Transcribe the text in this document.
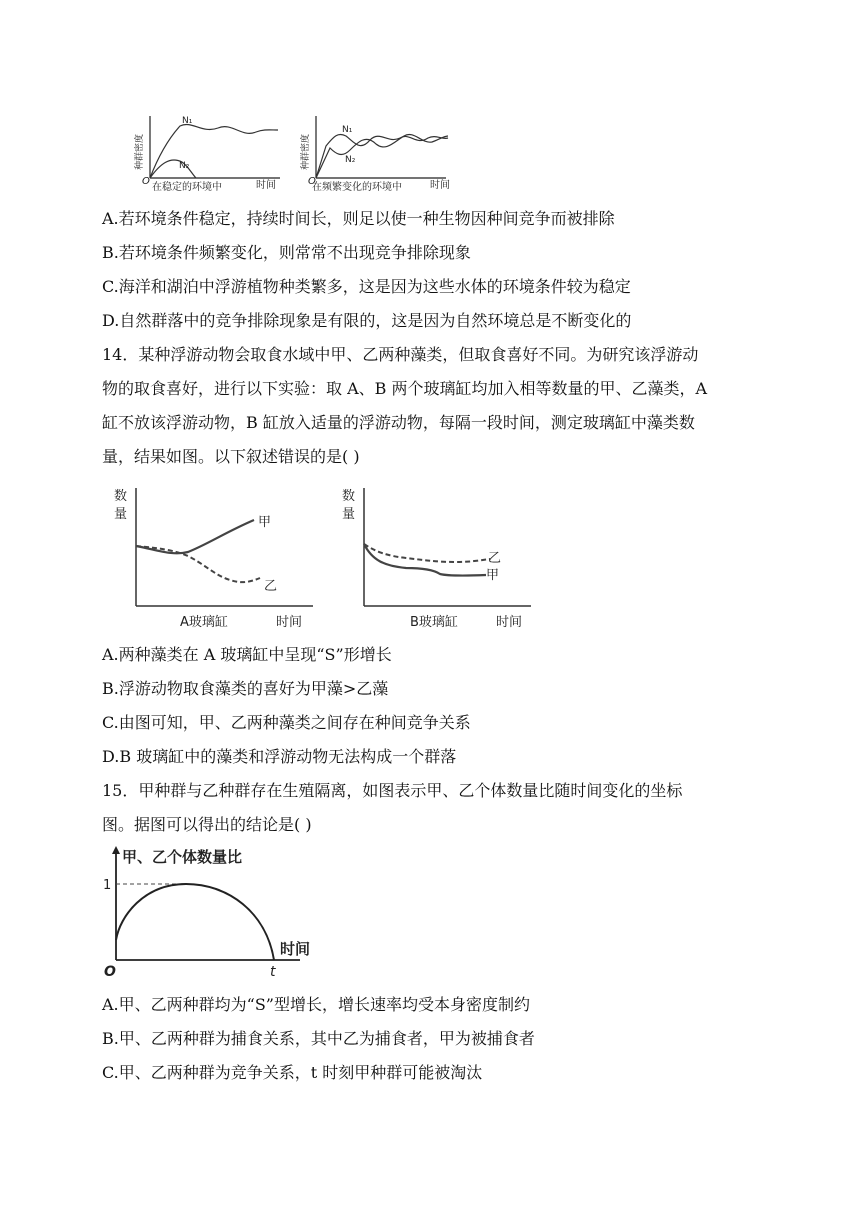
种群密度
N₁
N₂
O
在稳定的环境中	时间
种群密度
N₁
N₂
O
在频繁变化的环境中	时间
A.若环境条件稳定，持续时间长，则足以使一种生物因种间竞争而被排除
B.若环境条件频繁变化，则常常不出现竞争排除现象
C.海洋和湖泊中浮游植物种类繁多，这是因为这些水体的环境条件较为稳定
D.自然群落中的竞争排除现象是有限的，这是因为自然环境总是不断变化的
14．某种浮游动物会取食水域中甲、乙两种藻类，但取食喜好不同。为研究该浮游动
物的取食喜好，进行以下实验：取 A、B 两个玻璃缸均加入相等数量的甲、乙藻类，A
缸不放该浮游动物，B 缸放入适量的浮游动物，每隔一段时间，测定玻璃缸中藻类数
量，结果如图。以下叙述错误的是( )
数
量
甲
乙
A玻璃缸	时间
数
量
乙
甲
B玻璃缸	时间
A.两种藻类在 A 玻璃缸中呈现“S”形增长
B.浮游动物取食藻类的喜好为甲藻>乙藻
C.由图可知，甲、乙两种藻类之间存在种间竞争关系
D.B 玻璃缸中的藻类和浮游动物无法构成一个群落
15．甲种群与乙种群存在生殖隔离，如图表示甲、乙个体数量比随时间变化的坐标
图。据图可以得出的结论是( )
甲、乙个体数量比
1
O	t
时间
A.甲、乙两种群均为“S”型增长，增长速率均受本身密度制约
B.甲、乙两种群为捕食关系，其中乙为捕食者，甲为被捕食者
C.甲、乙两种群为竞争关系，t 时刻甲种群可能被淘汰
